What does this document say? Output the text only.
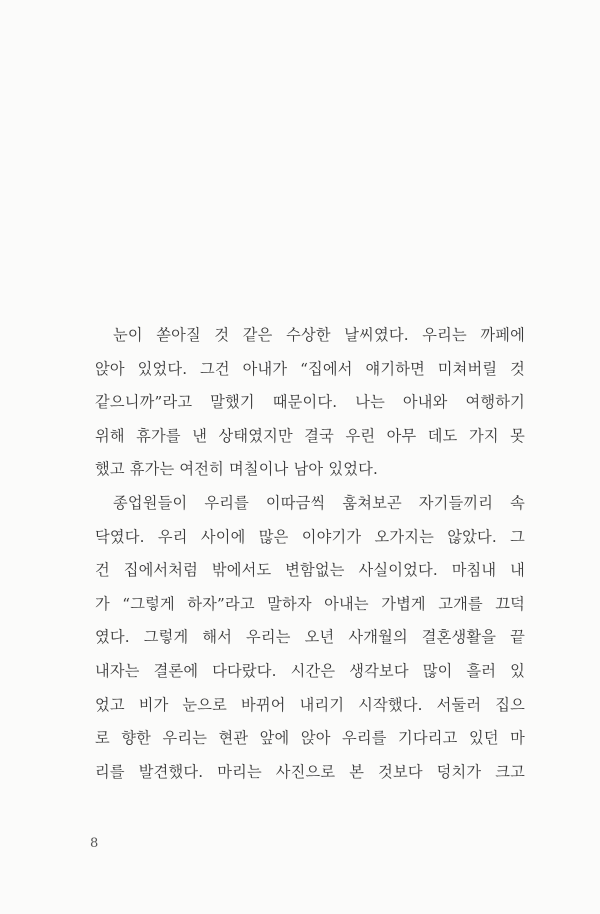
눈이 쏟아질 것 같은 수상한 날씨였다. 우리는 까페에
앉아 있었다. 그건 아내가 “집에서 얘기하면 미쳐버릴 것
같으니까”라고 말했기 때문이다. 나는 아내와 여행하기
위해 휴가를 낸 상태였지만 결국 우린 아무 데도 가지 못
했고 휴가는 여전히 며칠이나 남아 있었다.

종업원들이 우리를 이따금씩 훔쳐보곤 자기들끼리 속
닥였다. 우리 사이에 많은 이야기가 오가지는 않았다. 그
건 집에서처럼 밖에서도 변함없는 사실이었다. 마침내 내
가 “그렇게 하자”라고 말하자 아내는 가볍게 고개를 끄덕
였다. 그렇게 해서 우리는 오년 사개월의 결혼생활을 끝
내자는 결론에 다다랐다. 시간은 생각보다 많이 흘러 있
었고 비가 눈으로 바뀌어 내리기 시작했다. 서둘러 집으
로 향한 우리는 현관 앞에 앉아 우리를 기다리고 있던 마
리를 발견했다. 마리는 사진으로 본 것보다 덩치가 크고

8
